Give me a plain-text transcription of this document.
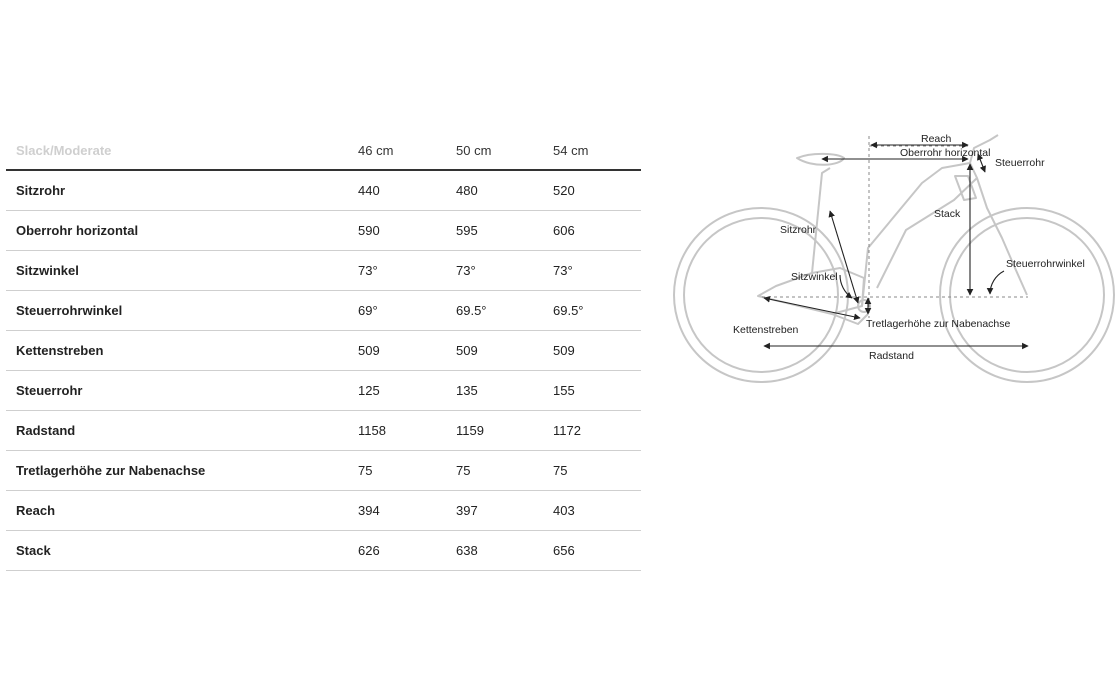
Slack/Moderate	46 cm	50 cm	54 cm
Sitzrohr	440	480	520
Oberrohr horizontal	590	595	606
Sitzwinkel	73°	73°	73°
Steuerrohrwinkel	69°	69.5°	69.5°
Kettenstreben	509	509	509
Steuerrohr	125	135	155
Radstand	1158	1159	1172
Tretlagerhöhe zur Nabenachse	75	75	75
Reach	394	397	403
Stack	626	638	656
Reach
Oberrohr horizontal
Steuerrohr
Stack
Sitzrohr
Steuerrohrwinkel
Sitzwinkel
Kettenstreben	Tretlagerhöhe zur Nabenachse
Radstand
